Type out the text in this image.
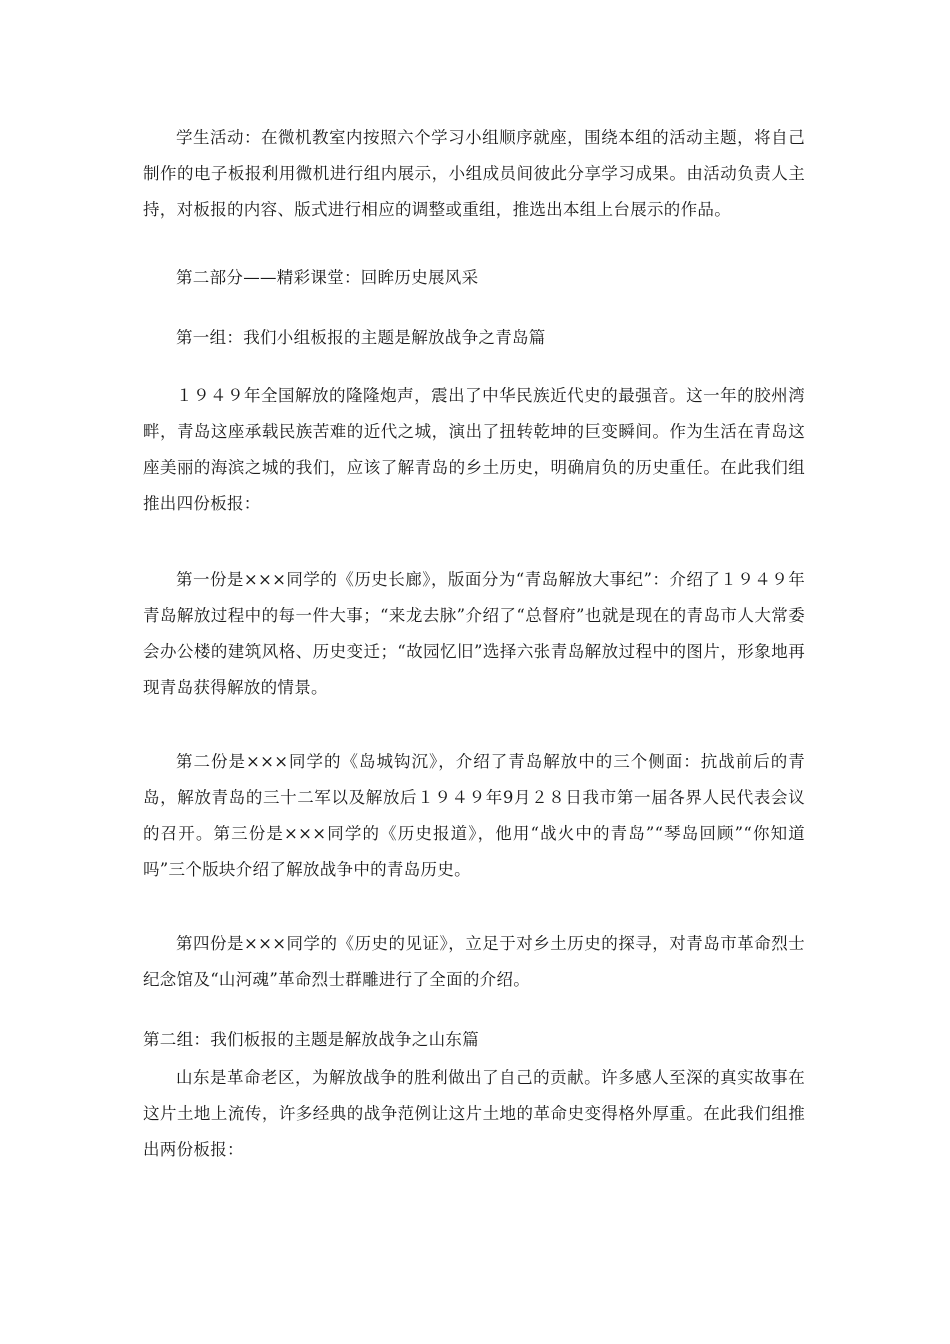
学生活动：在微机教室内按照六个学习小组顺序就座，围绕本组的活动主题，将自己制作的电子板报利用微机进行组内展示，小组成员间彼此分享学习成果。由活动负责人主持，对板报的内容、版式进行相应的调整或重组，推选出本组上台展示的作品。

第二部分——精彩课堂：回眸历史展风采

第一组：我们小组板报的主题是解放战争之青岛篇

１９４９年全国解放的隆隆炮声，震出了中华民族近代史的最强音。这一年的胶州湾畔，青岛这座承载民族苦难的近代之城，演出了扭转乾坤的巨变瞬间。作为生活在青岛这座美丽的海滨之城的我们，应该了解青岛的乡土历史，明确肩负的历史重任。在此我们组推出四份板报：

第一份是×××同学的《历史长廊》，版面分为“青岛解放大事纪”：介绍了１９４９年青岛解放过程中的每一件大事；“来龙去脉”介绍了“总督府”也就是现在的青岛市人大常委会办公楼的建筑风格、历史变迁；“故园忆旧”选择六张青岛解放过程中的图片，形象地再现青岛获得解放的情景。

第二份是×××同学的《岛城钩沉》，介绍了青岛解放中的三个侧面：抗战前后的青岛，解放青岛的三十二军以及解放后１９４９年9月２８日我市第一届各界人民代表会议的召开。第三份是×××同学的《历史报道》，他用“战火中的青岛”“琴岛回顾”“你知道吗”三个版块介绍了解放战争中的青岛历史。

第四份是×××同学的《历史的见证》，立足于对乡土历史的探寻，对青岛市革命烈士纪念馆及“山河魂”革命烈士群雕进行了全面的介绍。

第二组：我们板报的主题是解放战争之山东篇

山东是革命老区，为解放战争的胜利做出了自己的贡献。许多感人至深的真实故事在这片土地上流传，许多经典的战争范例让这片土地的革命史变得格外厚重。在此我们组推出两份板报：
